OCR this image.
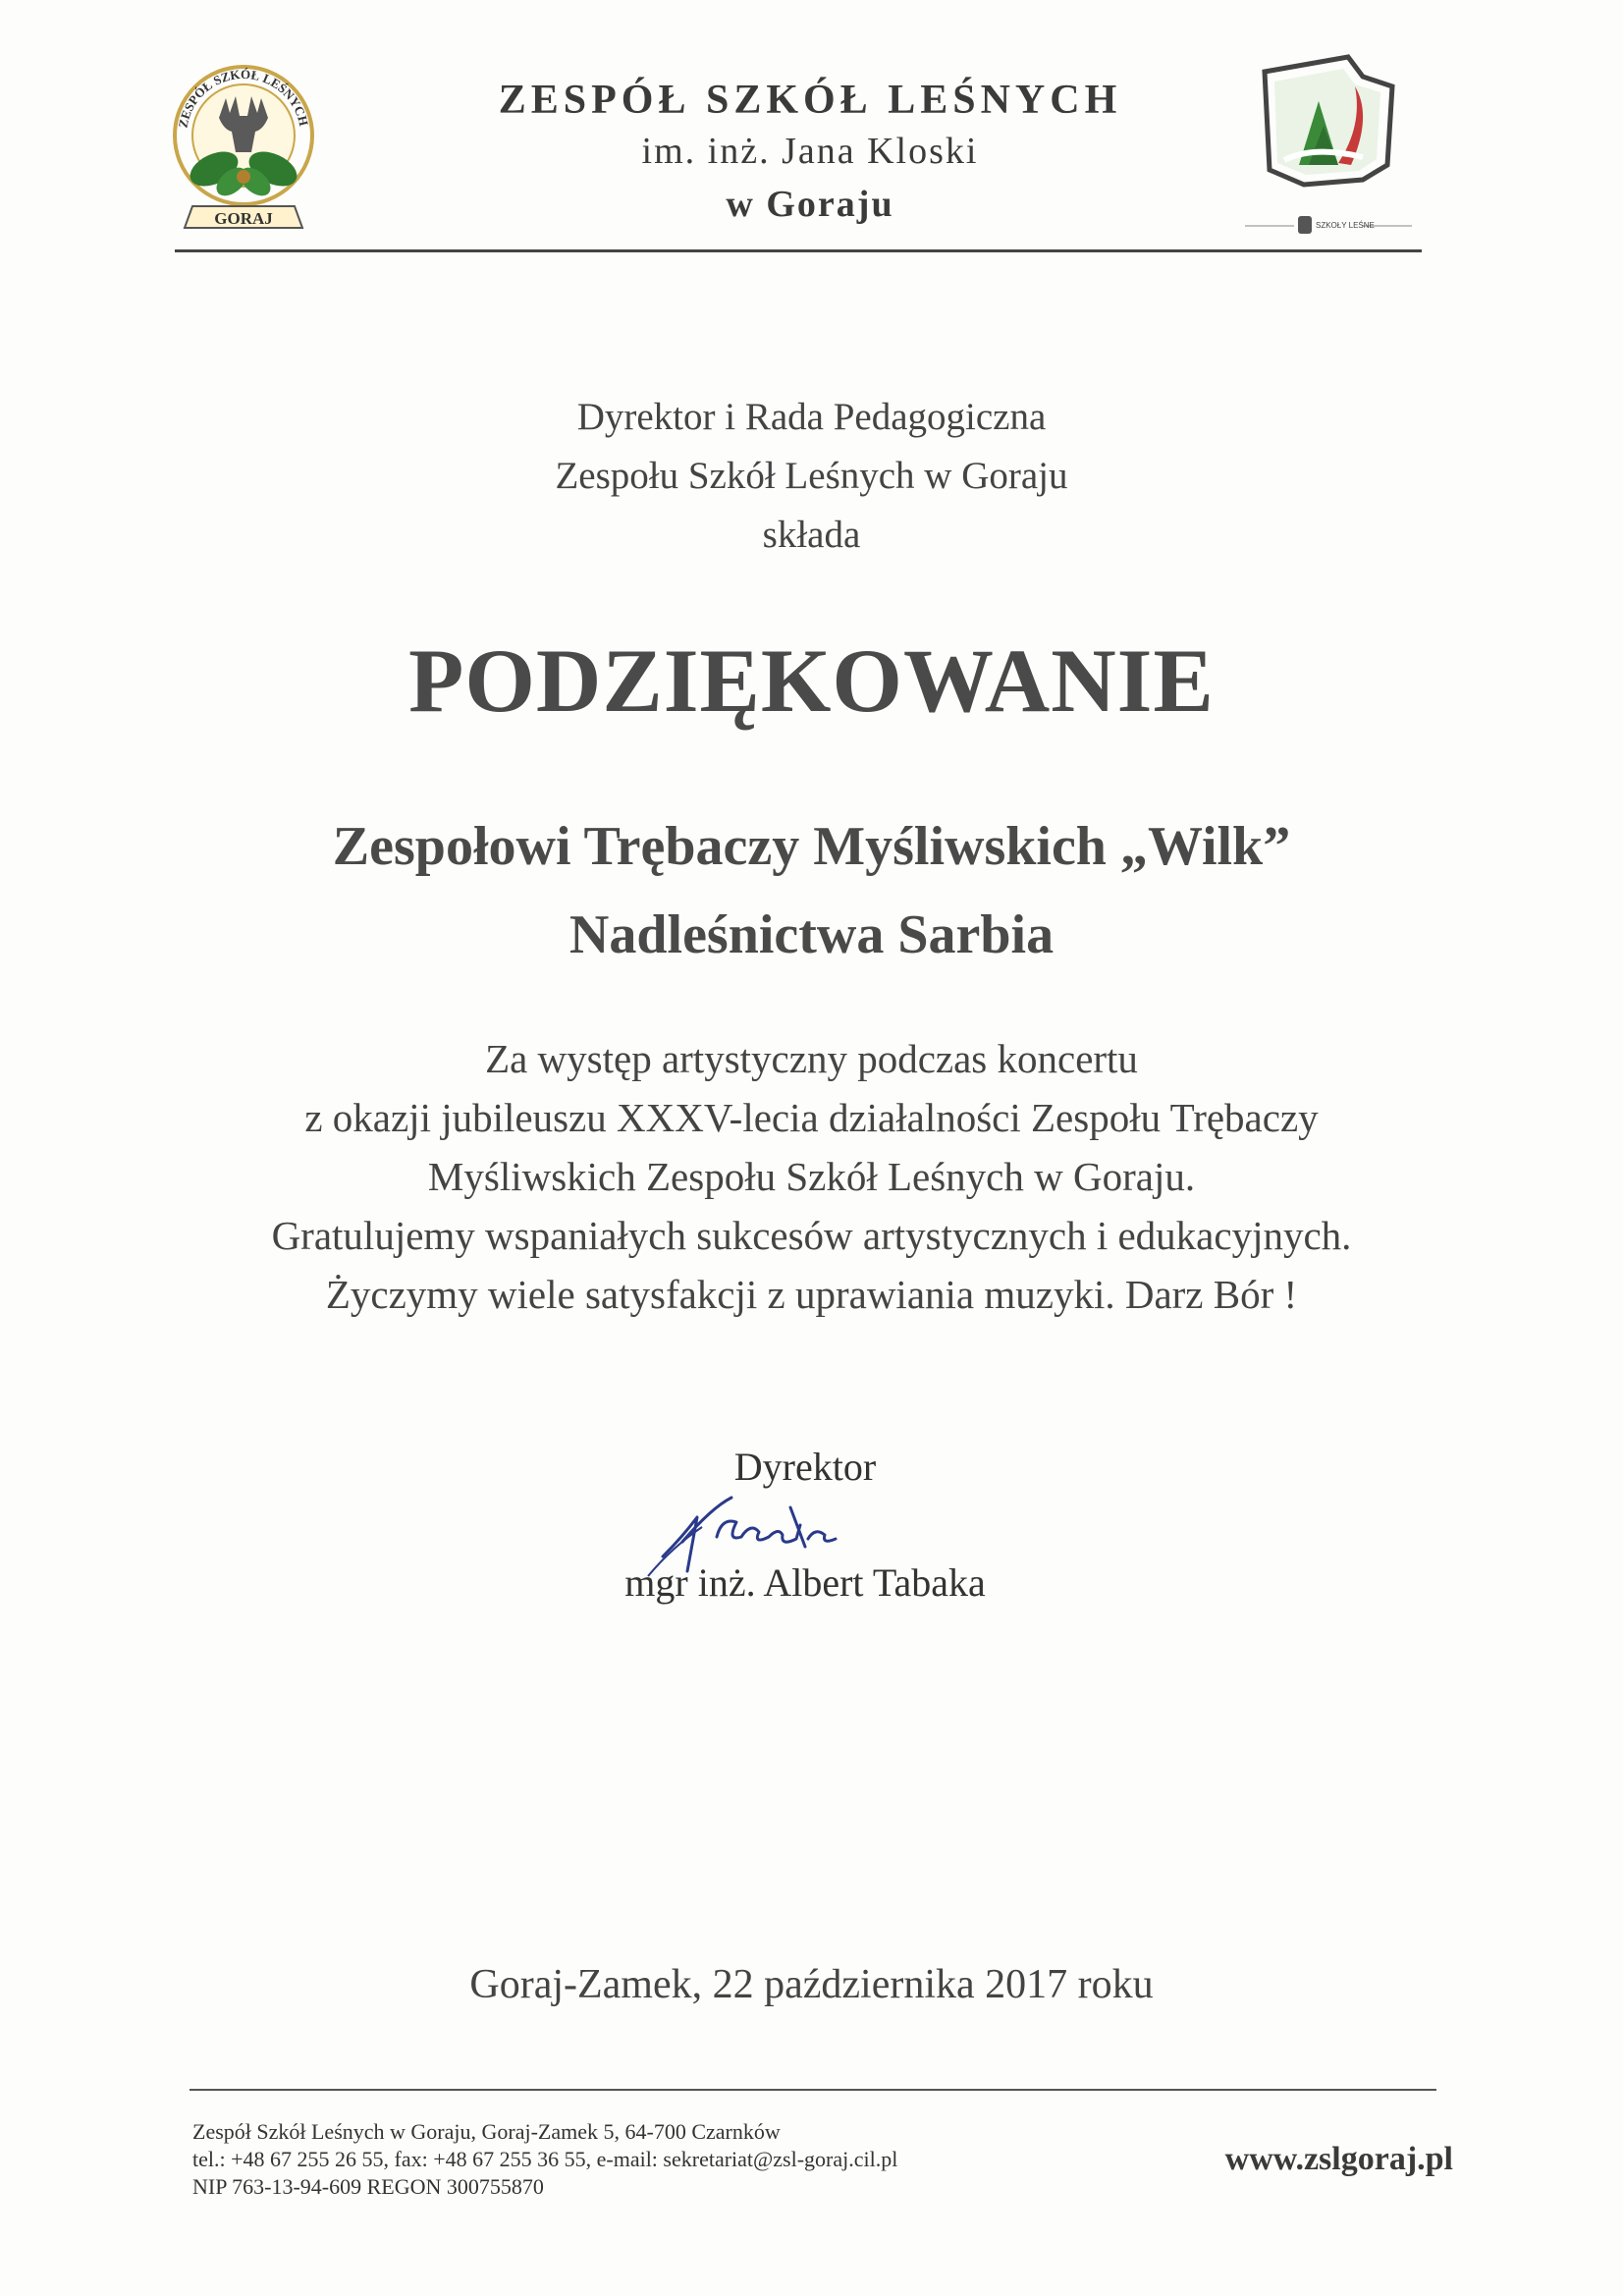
ZESPÓŁ SZKÓŁ LEŚNYCH
GORAJ
ZESPÓŁ SZKÓŁ LEŚNYCH
im. inż. Jana Kloski
w Goraju
SZKOŁY LEŚNE
Dyrektor i Rada Pedagogiczna
Zespołu Szkół Leśnych w Goraju
składa
PODZIĘKOWANIE
Zespołowi Trębaczy Myśliwskich „Wilk”
Nadleśnictwa Sarbia
Za występ artystyczny podczas koncertu
z okazji jubileuszu XXXV-lecia działalności Zespołu Trębaczy
Myśliwskich Zespołu Szkół Leśnych w Goraju.
Gratulujemy wspaniałych sukcesów artystycznych i edukacyjnych.
Życzymy wiele satysfakcji z uprawiania muzyki. Darz Bór !
Dyrektor
mgr inż. Albert Tabaka
Goraj-Zamek, 22 października 2017 roku
Zespół Szkół Leśnych w Goraju, Goraj-Zamek 5, 64-700 Czarnków
tel.: +48 67 255 26 55, fax: +48 67 255 36 55, e-mail: sekretariat@zsl-goraj.cil.pl
NIP 763-13-94-609 REGON 300755870
www.zslgoraj.pl
